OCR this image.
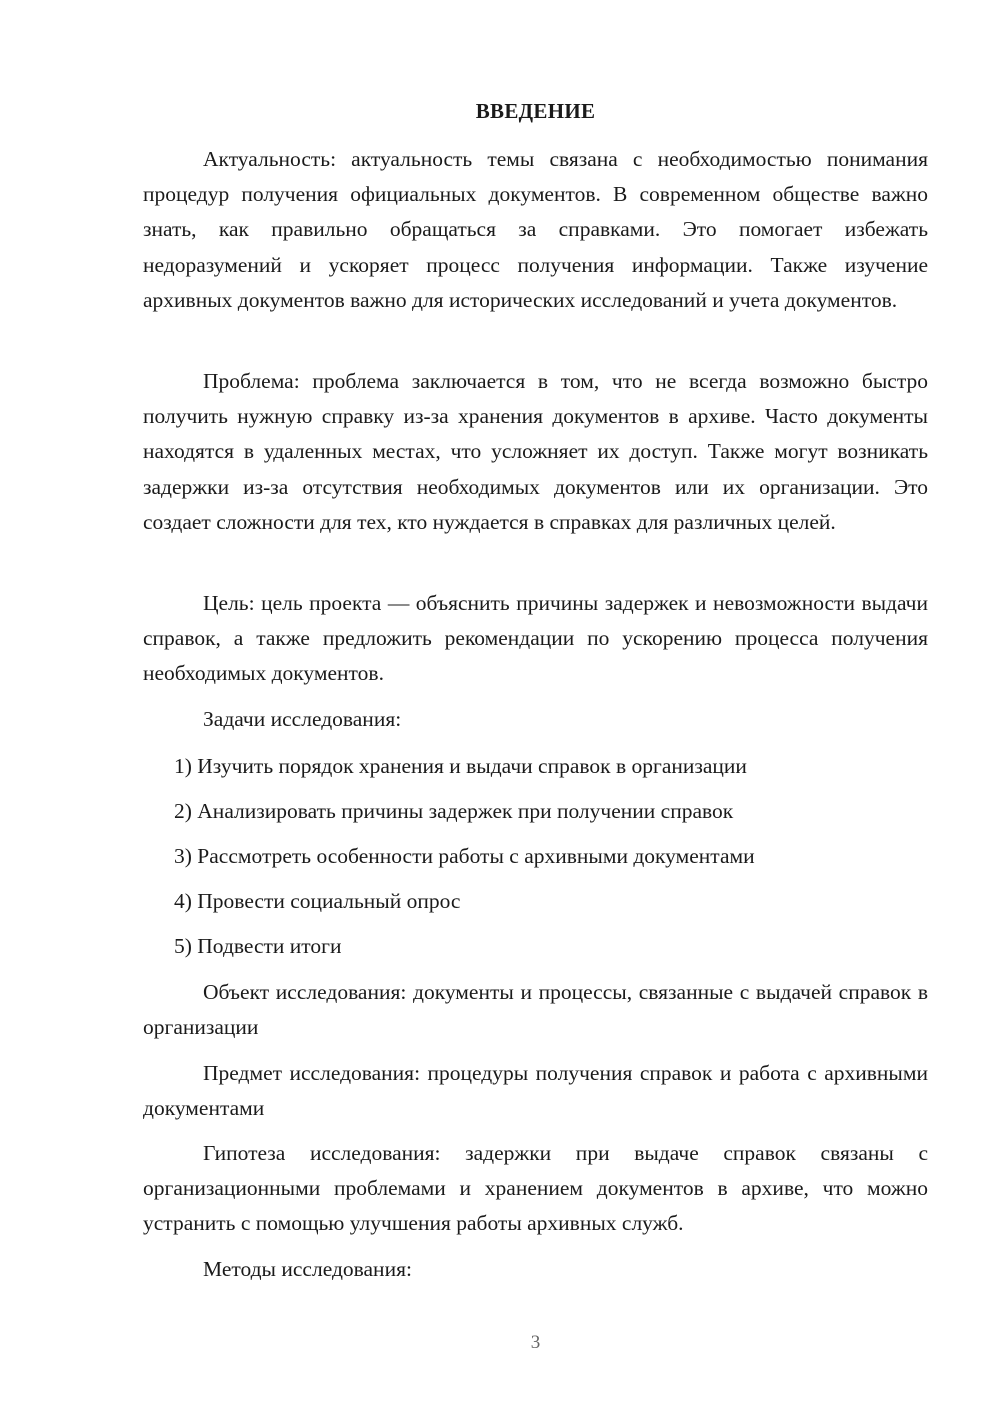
ВВЕДЕНИЕ

Актуальность: актуальность темы связана с необходимостью понимания процедур получения официальных документов. В современном обществе важно знать, как правильно обращаться за справками. Это помогает избежать недоразумений и ускоряет процесс получения информации. Также изучение архивных документов важно для исторических исследований и учета документов.

Проблема: проблема заключается в том, что не всегда возможно быстро получить нужную справку из-за хранения документов в архиве. Часто документы находятся в удаленных местах, что усложняет их доступ. Также могут возникать задержки из-за отсутствия необходимых документов или их организации. Это создает сложности для тех, кто нуждается в справках для различных целей.

Цель: цель проекта — объяснить причины задержек и невозможности выдачи справок, а также предложить рекомендации по ускорению процесса получения необходимых документов.

Задачи исследования:

1) Изучить порядок хранения и выдачи справок в организации

2) Анализировать причины задержек при получении справок

3) Рассмотреть особенности работы с архивными документами

4) Провести социальный опрос

5) Подвести итоги

Объект исследования: документы и процессы, связанные с выдачей справок в организации

Предмет исследования: процедуры получения справок и работа с архивными документами

Гипотеза исследования: задержки при выдаче справок связаны с организационными проблемами и хранением документов в архиве, что можно устранить с помощью улучшения работы архивных служб.

Методы исследования:

3
